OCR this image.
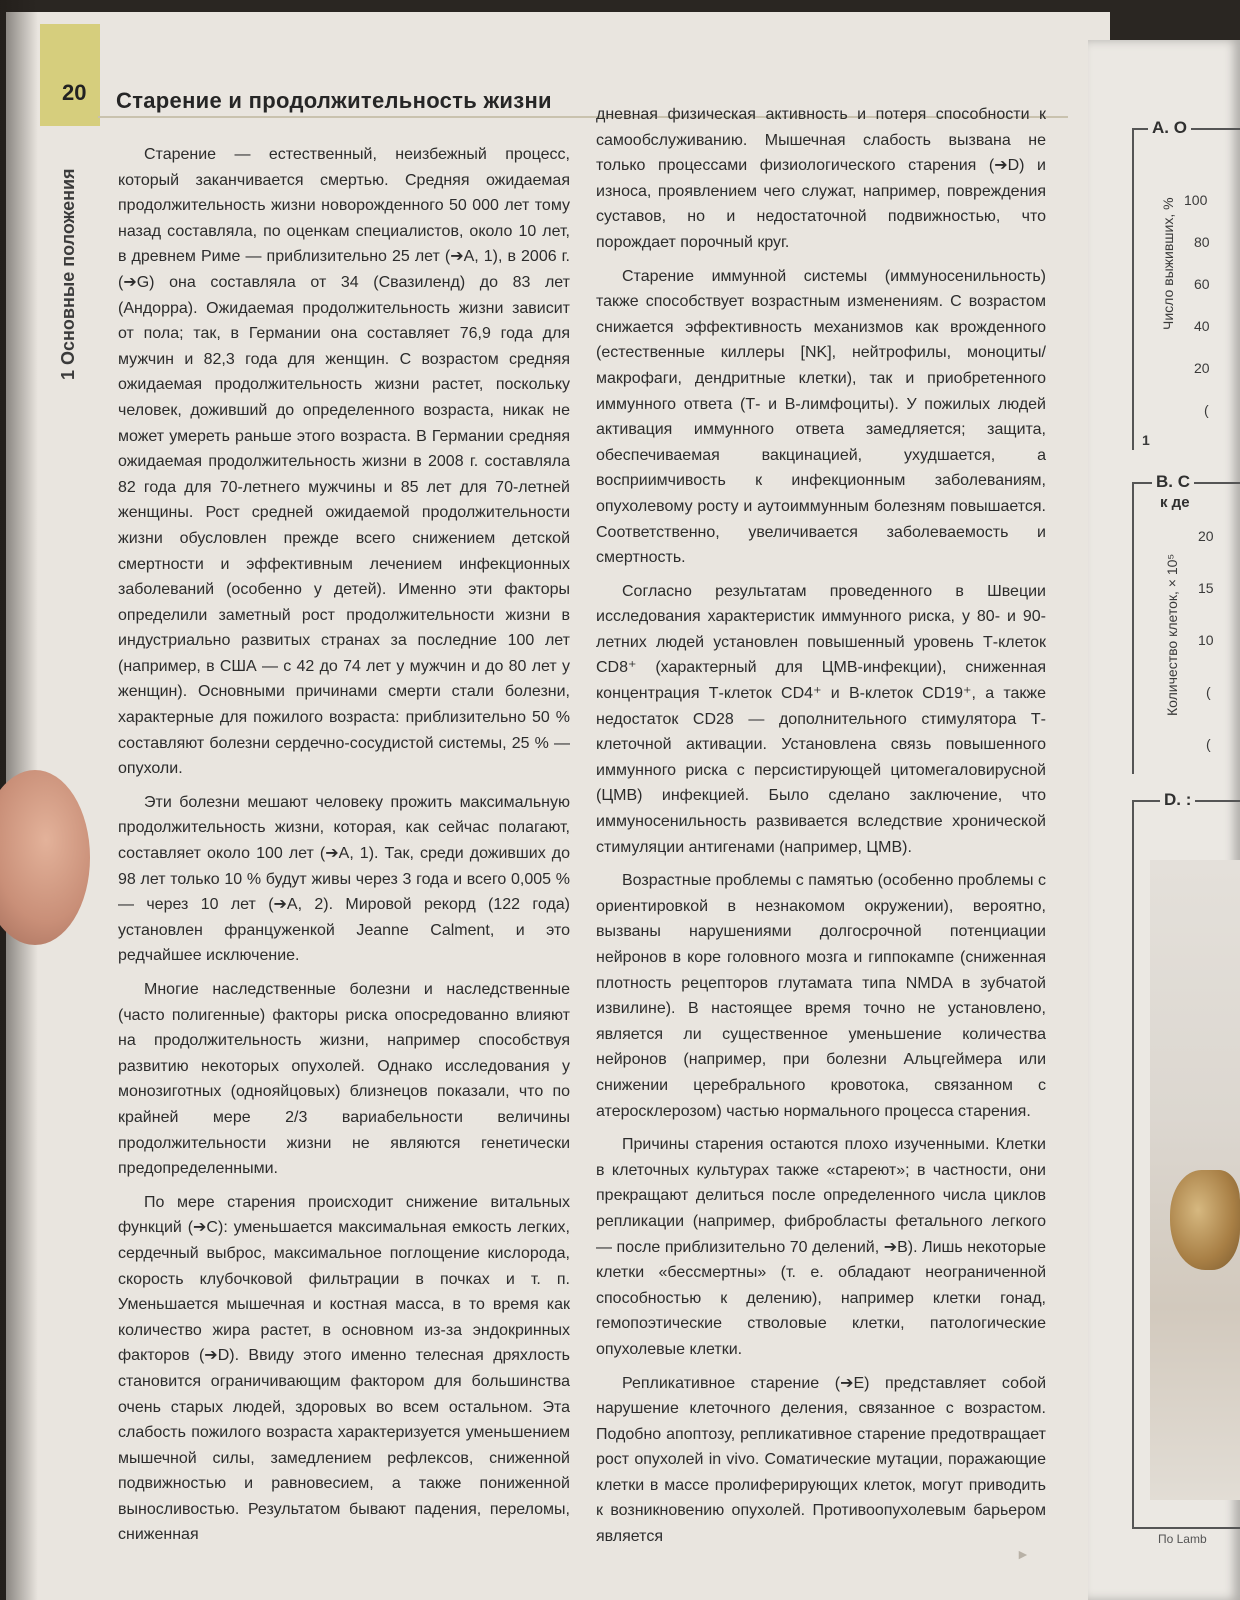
20 Старение и продолжительность жизни
1 Основные положения

Старение — естественный, неизбежный процесс, который заканчивается смертью. Средняя ожидаемая продолжительность жизни новорожденного 50 000 лет тому назад составляла, по оценкам специалистов, около 10 лет, в древнем Риме — приблизительно 25 лет (➔A, 1), в 2006 г. (➔G) она составляла от 34 (Свазиленд) до 83 лет (Андорра). Ожидаемая продолжительность жизни зависит от пола; так, в Германии она составляет 76,9 года для мужчин и 82,3 года для женщин. С возрастом средняя ожидаемая продолжительность жизни растет, поскольку человек, доживший до определенного возраста, никак не может умереть раньше этого возраста. В Германии средняя ожидаемая продолжительность жизни в 2008 г. составляла 82 года для 70-летнего мужчины и 85 лет для 70-летней женщины. Рост средней ожидаемой продолжительности жизни обусловлен прежде всего снижением детской смертности и эффективным лечением инфекционных заболеваний (особенно у детей). Именно эти факторы определили заметный рост продолжительности жизни в индустриально развитых странах за последние 100 лет (например, в США — с 42 до 74 лет у мужчин и до 80 лет у женщин). Основными причинами смерти стали болезни, характерные для пожилого возраста: приблизительно 50 % составляют болезни сердечно-сосудистой системы, 25 % — опухоли.

Эти болезни мешают человеку прожить максимальную продолжительность жизни, которая, как сейчас полагают, составляет около 100 лет (➔A, 1). Так, среди доживших до 98 лет только 10 % будут живы через 3 года и всего 0,005 % — через 10 лет (➔A, 2). Мировой рекорд (122 года) установлен француженкой Jeanne Calment, и это редчайшее исключение.

Многие наследственные болезни и наследственные (часто полигенные) факторы риска опосредованно влияют на продолжительность жизни, например способствуя развитию некоторых опухолей. Однако исследования у монозиготных (однояйцовых) близнецов показали, что по крайней мере 2/3 вариабельности величины продолжительности жизни не являются генетически предопределенными.

По мере старения происходит снижение витальных функций (➔C): уменьшается максимальная емкость легких, сердечный выброс, максимальное поглощение кислорода, скорость клубочковой фильтрации в почках и т. п. Уменьшается мышечная и костная масса, в то время как количество жира растет, в основном из-за эндокринных факторов (➔D). Ввиду этого именно телесная дряхлость становится ограничивающим фактором для большинства очень старых людей, здоровых во всем остальном. Эта слабость пожилого возраста характеризуется уменьшением мышечной силы, замедлением рефлексов, сниженной подвижностью и равновесием, а также пониженной выносливостью. Результатом бывают падения, переломы, сниженная

дневная физическая активность и потеря способности к самообслуживанию. Мышечная слабость вызвана не только процессами физиологического старения (➔D) и износа, проявлением чего служат, например, повреждения суставов, но и недостаточной подвижностью, что порождает порочный круг.

Старение иммунной системы (иммуносенильность) также способствует возрастным изменениям. С возрастом снижается эффективность механизмов как врожденного (естественные киллеры [NK], нейтрофилы, моноциты/макрофаги, дендритные клетки), так и приобретенного иммунного ответа (Т- и В-лимфоциты). У пожилых людей активация иммунного ответа замедляется; защита, обеспечиваемая вакцинацией, ухудшается, а восприимчивость к инфекционным заболеваниям, опухолевому росту и аутоиммунным болезням повышается. Соответственно, увеличивается заболеваемость и смертность.

Согласно результатам проведенного в Швеции исследования характеристик иммунного риска, у 80- и 90-летних людей установлен повышенный уровень Т-клеток CD8⁺ (характерный для ЦМВ-инфекции), сниженная концентрация Т-клеток CD4⁺ и В-клеток CD19⁺, а также недостаток CD28 — дополнительного стимулятора Т-клеточной активации. Установлена связь повышенного иммунного риска с персистирующей цитомегаловирусной (ЦМВ) инфекцией. Было сделано заключение, что иммуносенильность развивается вследствие хронической стимуляции антигенами (например, ЦМВ).

Возрастные проблемы с памятью (особенно проблемы с ориентировкой в незнакомом окружении), вероятно, вызваны нарушениями долгосрочной потенциации нейронов в коре головного мозга и гиппокампе (сниженная плотность рецепторов глутамата типа NMDA в зубчатой извилине). В настоящее время точно не установлено, является ли существенное уменьшение количества нейронов (например, при болезни Альцгеймера или снижении церебрального кровотока, связанном с атеросклерозом) частью нормального процесса старения.

Причины старения остаются плохо изученными. Клетки в клеточных культурах также «стареют»; в частности, они прекращают делиться после определенного числа циклов репликации (например, фибробласты фетального легкого — после приблизительно 70 делений, ➔B). Лишь некоторые клетки «бессмертны» (т. е. обладают неограниченной способностью к делению), например клетки гонад, гемопоэтические стволовые клетки, патологические опухолевые клетки.

Репликативное старение (➔E) представляет собой нарушение клеточного деления, связанное с возрастом. Подобно апоптозу, репликативное старение предотвращает рост опухолей in vivo. Соматические мутации, поражающие клетки в массе пролиферирующих клеток, могут приводить к возникновению опухолей. Противоопухолевым барьером является

A. O
Число выживших, % 100
80
60
40
20
(
1
B. C
к де
Количество клеток, × 10⁵
20
15
10
(
(
D. :
По Lamb
►
